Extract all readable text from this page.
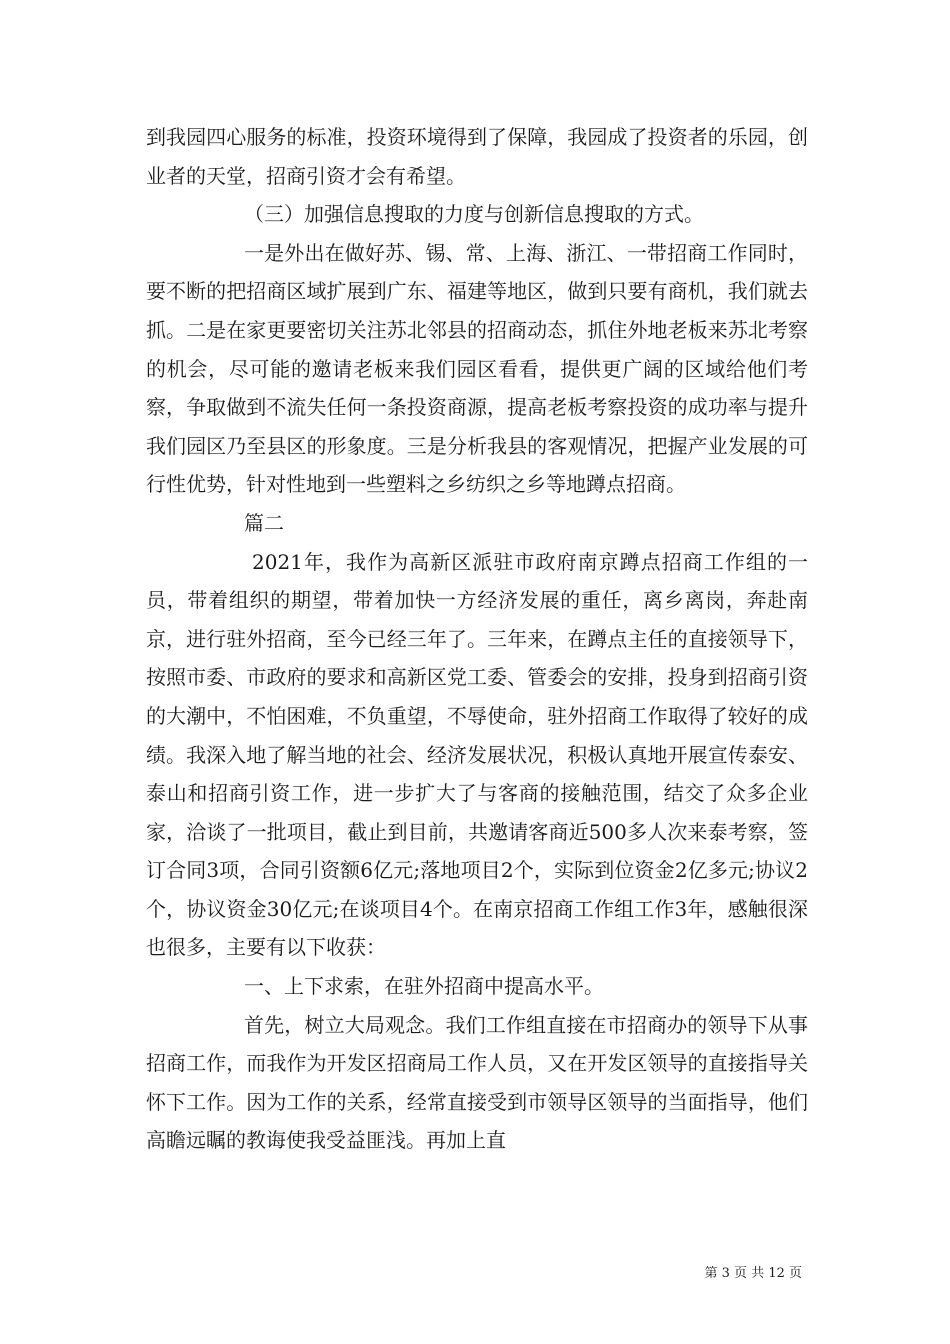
到我园四心服务的标准，投资环境得到了保障，我园成了投资者的乐园，创业者的天堂，招商引资才会有希望。

（三）加强信息搜取的力度与创新信息搜取的方式。

一是外出在做好苏、锡、常、上海、浙江、一带招商工作同时，要不断的把招商区域扩展到广东、福建等地区，做到只要有商机，我们就去抓。二是在家更要密切关注苏北邻县的招商动态，抓住外地老板来苏北考察的机会，尽可能的邀请老板来我们园区看看，提供更广阔的区域给他们考察，争取做到不流失任何一条投资商源，提高老板考察投资的成功率与提升我们园区乃至县区的形象度。三是分析我县的客观情况，把握产业发展的可行性优势，针对性地到一些塑料之乡纺织之乡等地蹲点招商。

篇二

2021年，我作为高新区派驻市政府南京蹲点招商工作组的一员，带着组织的期望，带着加快一方经济发展的重任，离乡离岗，奔赴南京，进行驻外招商，至今已经三年了。三年来，在蹲点主任的直接领导下，按照市委、市政府的要求和高新区党工委、管委会的安排，投身到招商引资的大潮中，不怕困难，不负重望，不辱使命，驻外招商工作取得了较好的成绩。我深入地了解当地的社会、经济发展状况，积极认真地开展宣传泰安、泰山和招商引资工作，进一步扩大了与客商的接触范围，结交了众多企业家，洽谈了一批项目，截止到目前，共邀请客商近500多人次来泰考察，签订合同3项，合同引资额6亿元;落地项目2个，实际到位资金2亿多元;协议2个，协议资金30亿元;在谈项目4个。在南京招商工作组工作3年，感触很深也很多，主要有以下收获：

一、上下求索，在驻外招商中提高水平。

首先，树立大局观念。我们工作组直接在市招商办的领导下从事招商工作，而我作为开发区招商局工作人员，又在开发区领导的直接指导关怀下工作。因为工作的关系，经常直接受到市领导区领导的当面指导，他们高瞻远瞩的教诲使我受益匪浅。再加上直

第 3 页 共 12 页
